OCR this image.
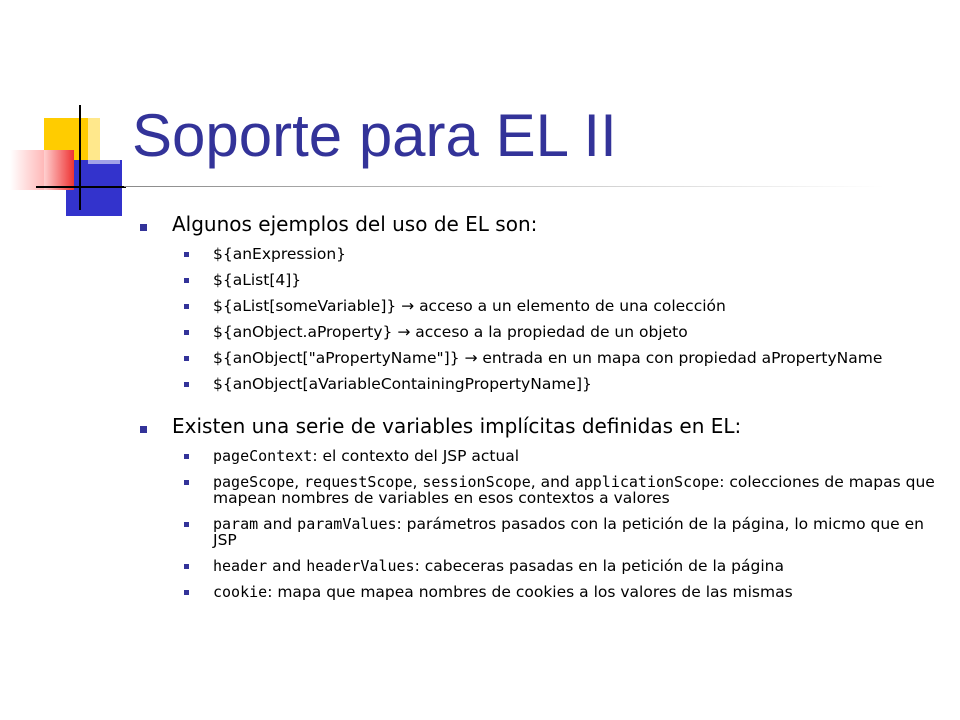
Soporte para EL II
Algunos ejemplos del uso de EL son:
${anExpression}
${aList[4]}
${aList[someVariable]} → acceso a un elemento de una colección
${anObject.aProperty} → acceso a la propiedad de un objeto
${anObject["aPropertyName"]} → entrada en un mapa con propiedad aPropertyName
${anObject[aVariableContainingPropertyName]}
Existen una serie de variables implícitas definidas en EL:
pageContext: el contexto del JSP actual
pageScope, requestScope, sessionScope, and applicationScope: colecciones de mapas que mapean nombres de variables en esos contextos a valores
param and paramValues: parámetros pasados con la petición de la página, lo micmo que en JSP
header and headerValues: cabeceras pasadas en la petición de la página
cookie: mapa que mapea nombres de cookies a los valores de las mismas
